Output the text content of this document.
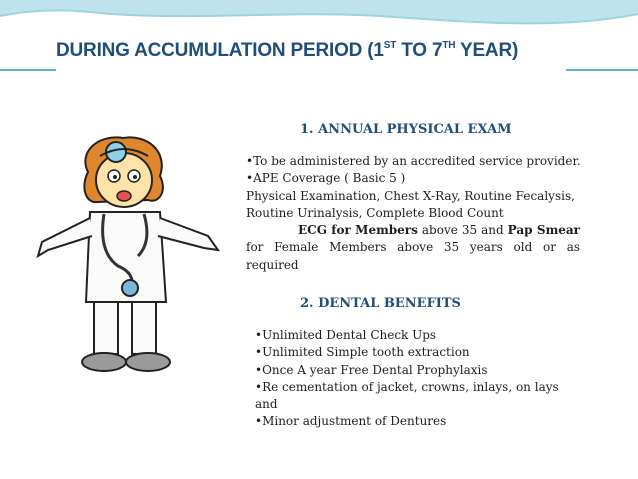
DURING ACCUMULATION PERIOD (1ST TO 7TH YEAR)
1. ANNUAL PHYSICAL EXAM
•To be administered by an accredited service provider.
•APE Coverage ( Basic 5 )
Physical Examination, Chest X-Ray, Routine Fecalysis,
Routine Urinalysis, Complete Blood Count
ECG for Members above 35 and Pap Smear for Female Members above 35 years old or as required
2. DENTAL BENEFITS
•Unlimited Dental Check Ups
•Unlimited Simple tooth extraction
•Once A year Free Dental Prophylaxis
•Re cementation of jacket, crowns, inlays, on lays
and
•Minor adjustment of Dentures
